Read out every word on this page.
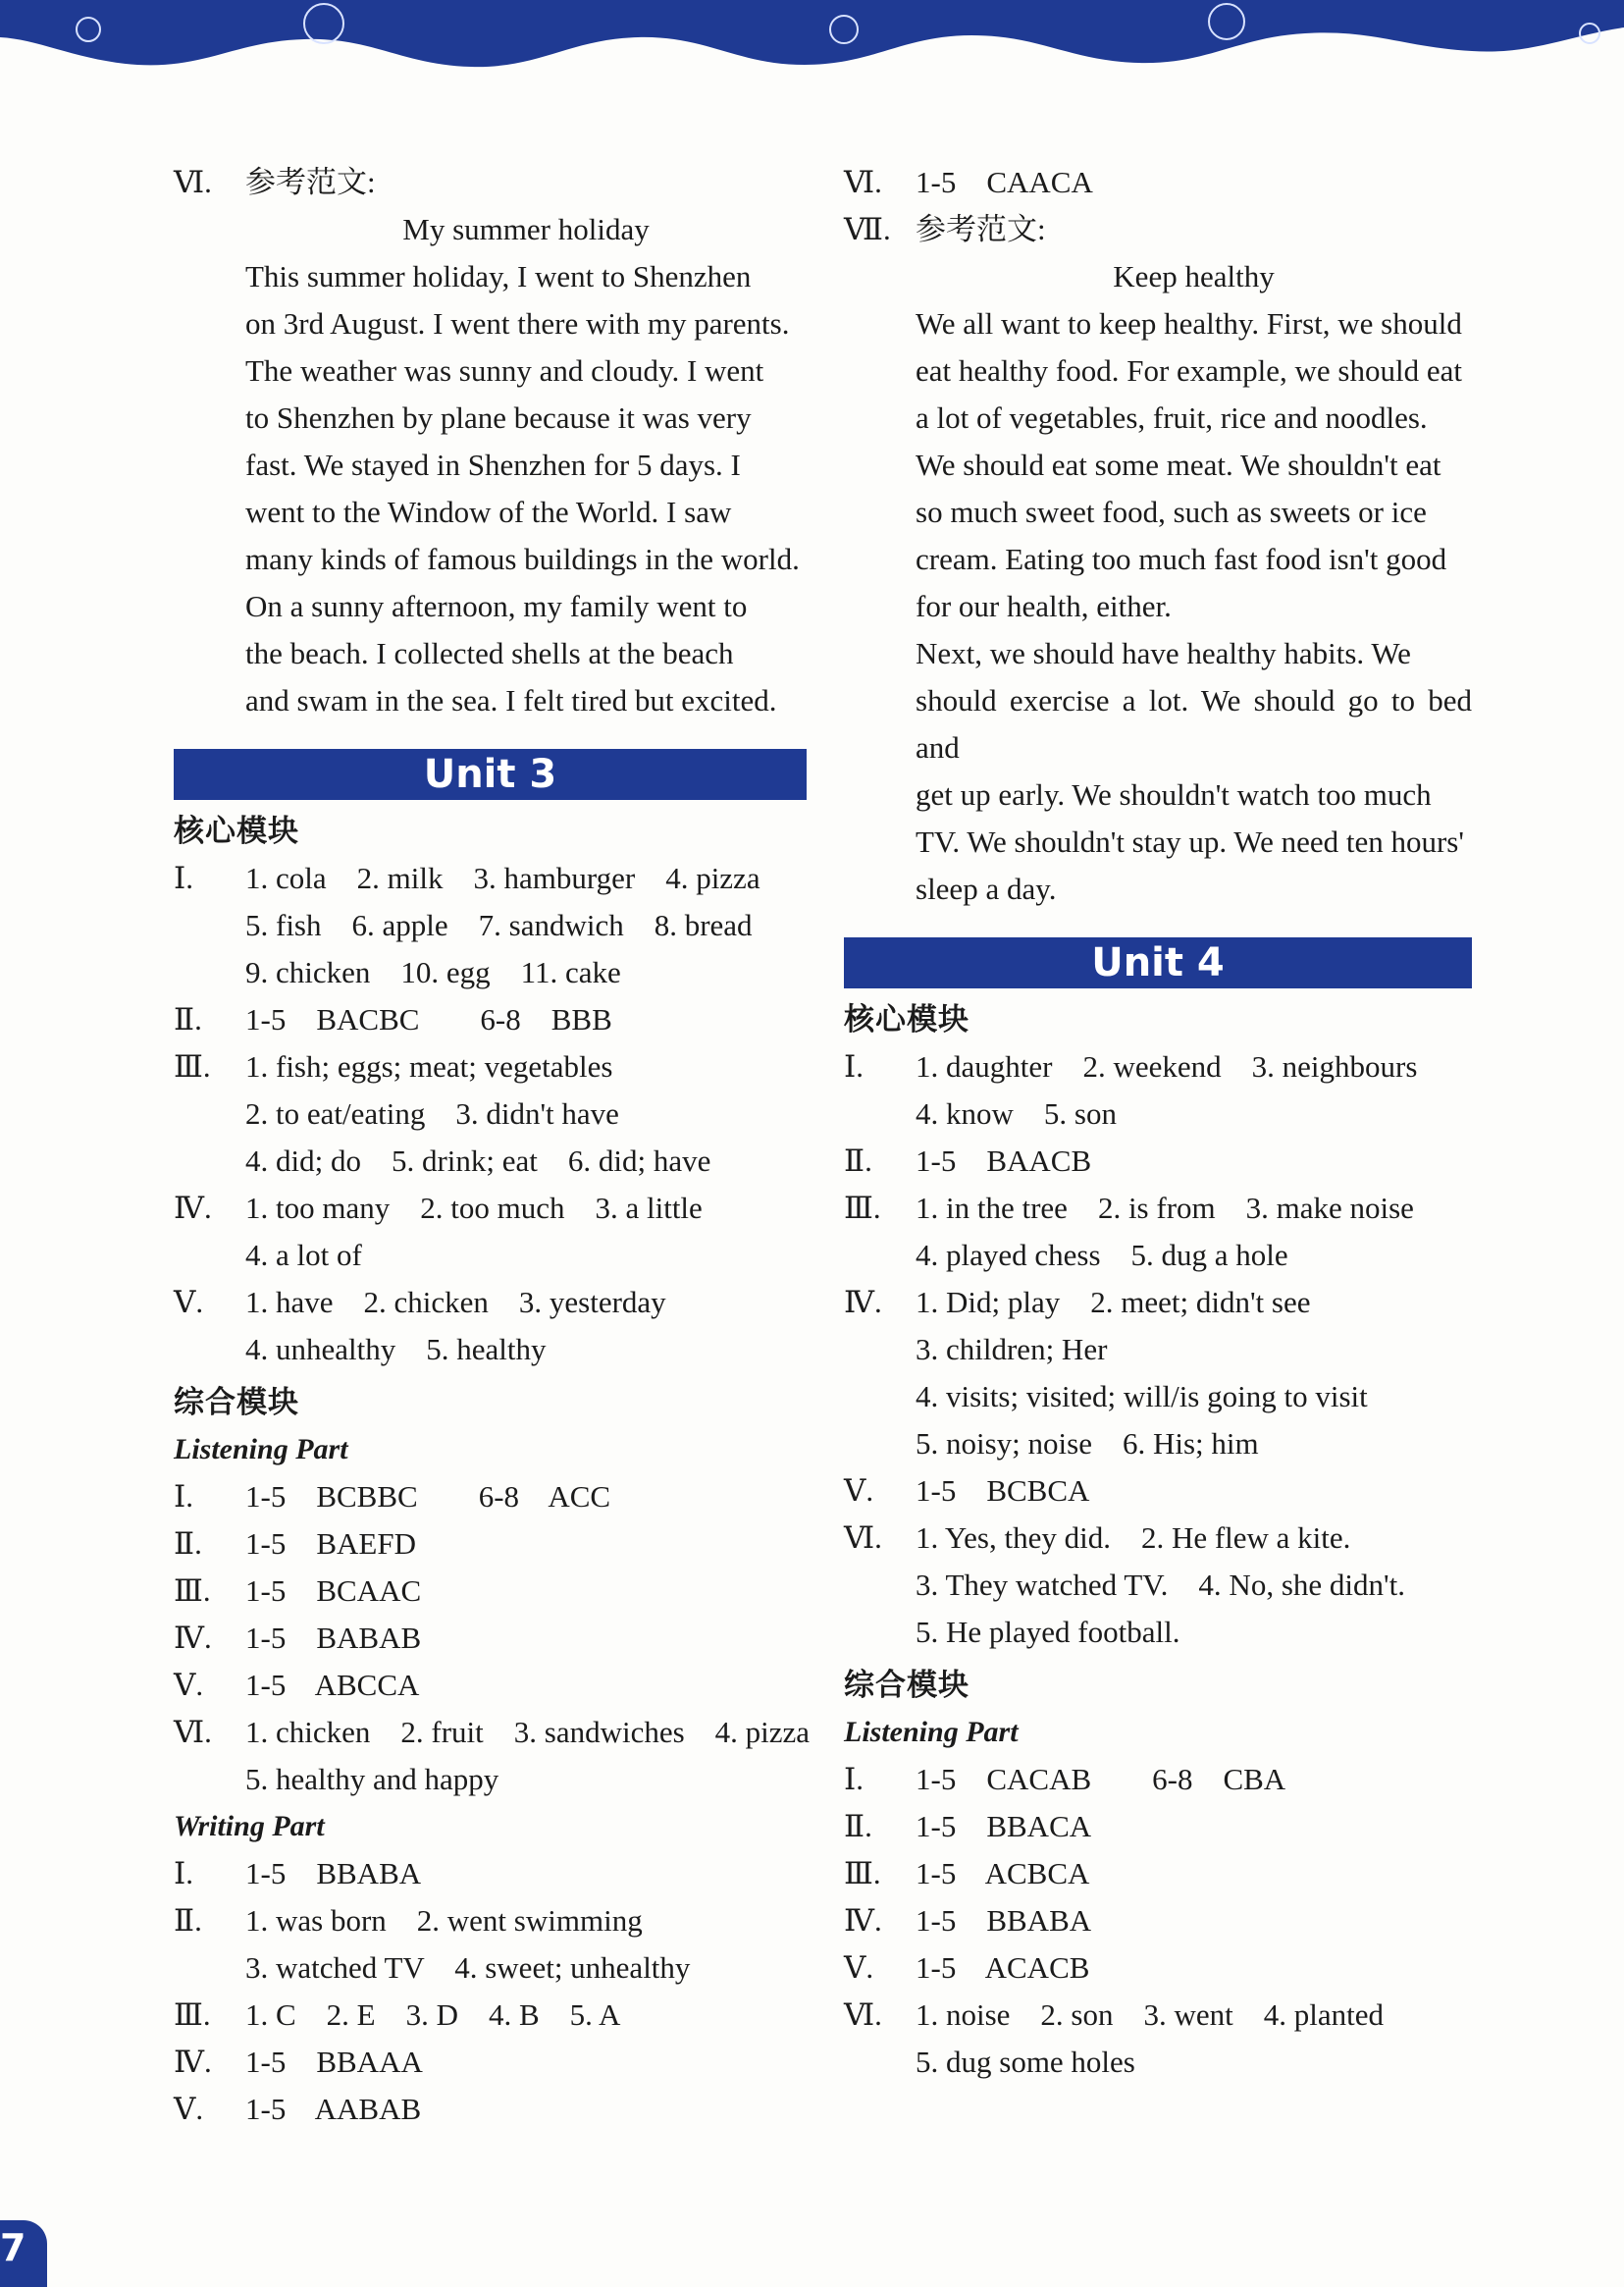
Ⅵ.	参考范文:
My summer holiday
This summer holiday, I went to Shenzhen
on 3rd August. I went there with my parents.
The weather was sunny and cloudy. I went
to Shenzhen by plane because it was very
fast. We stayed in Shenzhen for 5 days. I
went to the Window of the World. I saw
many kinds of famous buildings in the world.
On a sunny afternoon, my family went to
the beach. I collected shells at the beach
and swam in the sea. I felt tired but excited.
Unit 3
核心模块
Ⅰ.	1. cola    2. milk    3. hamburger    4. pizza
5. fish    6. apple    7. sandwich    8. bread
9. chicken    10. egg    11. cake
Ⅱ.	1-5    BACBC        6-8    BBB
Ⅲ.	1. fish; eggs; meat; vegetables
2. to eat/eating    3. didn't have
4. did; do    5. drink; eat    6. did; have
Ⅳ.	1. too many    2. too much    3. a little
4. a lot of
Ⅴ.	1. have    2. chicken    3. yesterday
4. unhealthy    5. healthy
综合模块
Listening Part
Ⅰ.	1-5    BCBBC        6-8    ACC
Ⅱ.	1-5    BAEFD
Ⅲ.	1-5    BCAAC
Ⅳ.	1-5    BABAB
Ⅴ.	1-5    ABCCA
Ⅵ.	1. chicken    2. fruit    3. sandwiches    4. pizza
5. healthy and happy
Writing Part
Ⅰ.	1-5    BBABA
Ⅱ.	1. was born    2. went swimming
3. watched TV    4. sweet; unhealthy
Ⅲ.	1. C    2. E    3. D    4. B    5. A
Ⅳ.	1-5    BBAAA
Ⅴ.	1-5    AABAB
Ⅵ.	1-5    CAACA
Ⅶ. 参考范文:
Keep healthy
We all want to keep healthy. First, we should
eat healthy food. For example, we should eat
a lot of vegetables, fruit, rice and noodles.
We should eat some meat. We shouldn't eat
so much sweet food, such as sweets or ice
cream. Eating too much fast food isn't good
for our health, either.
Next, we should have healthy habits. We
should exercise a lot. We should go to bed and
get up early. We shouldn't watch too much
TV. We shouldn't stay up. We need ten hours'
sleep a day.
Unit 4
核心模块
Ⅰ.	1. daughter    2. weekend    3. neighbours
4. know    5. son
Ⅱ.	1-5    BAACB
Ⅲ.	1. in the tree    2. is from    3. make noise
4. played chess    5. dug a hole
Ⅳ.	1. Did; play    2. meet; didn't see
3. children; Her
4. visits; visited; will/is going to visit
5. noisy; noise    6. His; him
Ⅴ.	1-5    BCBCA
Ⅵ.	1. Yes, they did.    2. He flew a kite.
3. They watched TV.    4. No, she didn't.
5. He played football.
综合模块
Listening Part
Ⅰ.	1-5    CACAB        6-8    CBA
Ⅱ.	1-5    BBACA
Ⅲ.	1-5    ACBCA
Ⅳ.	1-5    BBABA
Ⅴ.	1-5    ACACB
Ⅵ.	1. noise    2. son    3. went    4. planted
5. dug some holes
7
